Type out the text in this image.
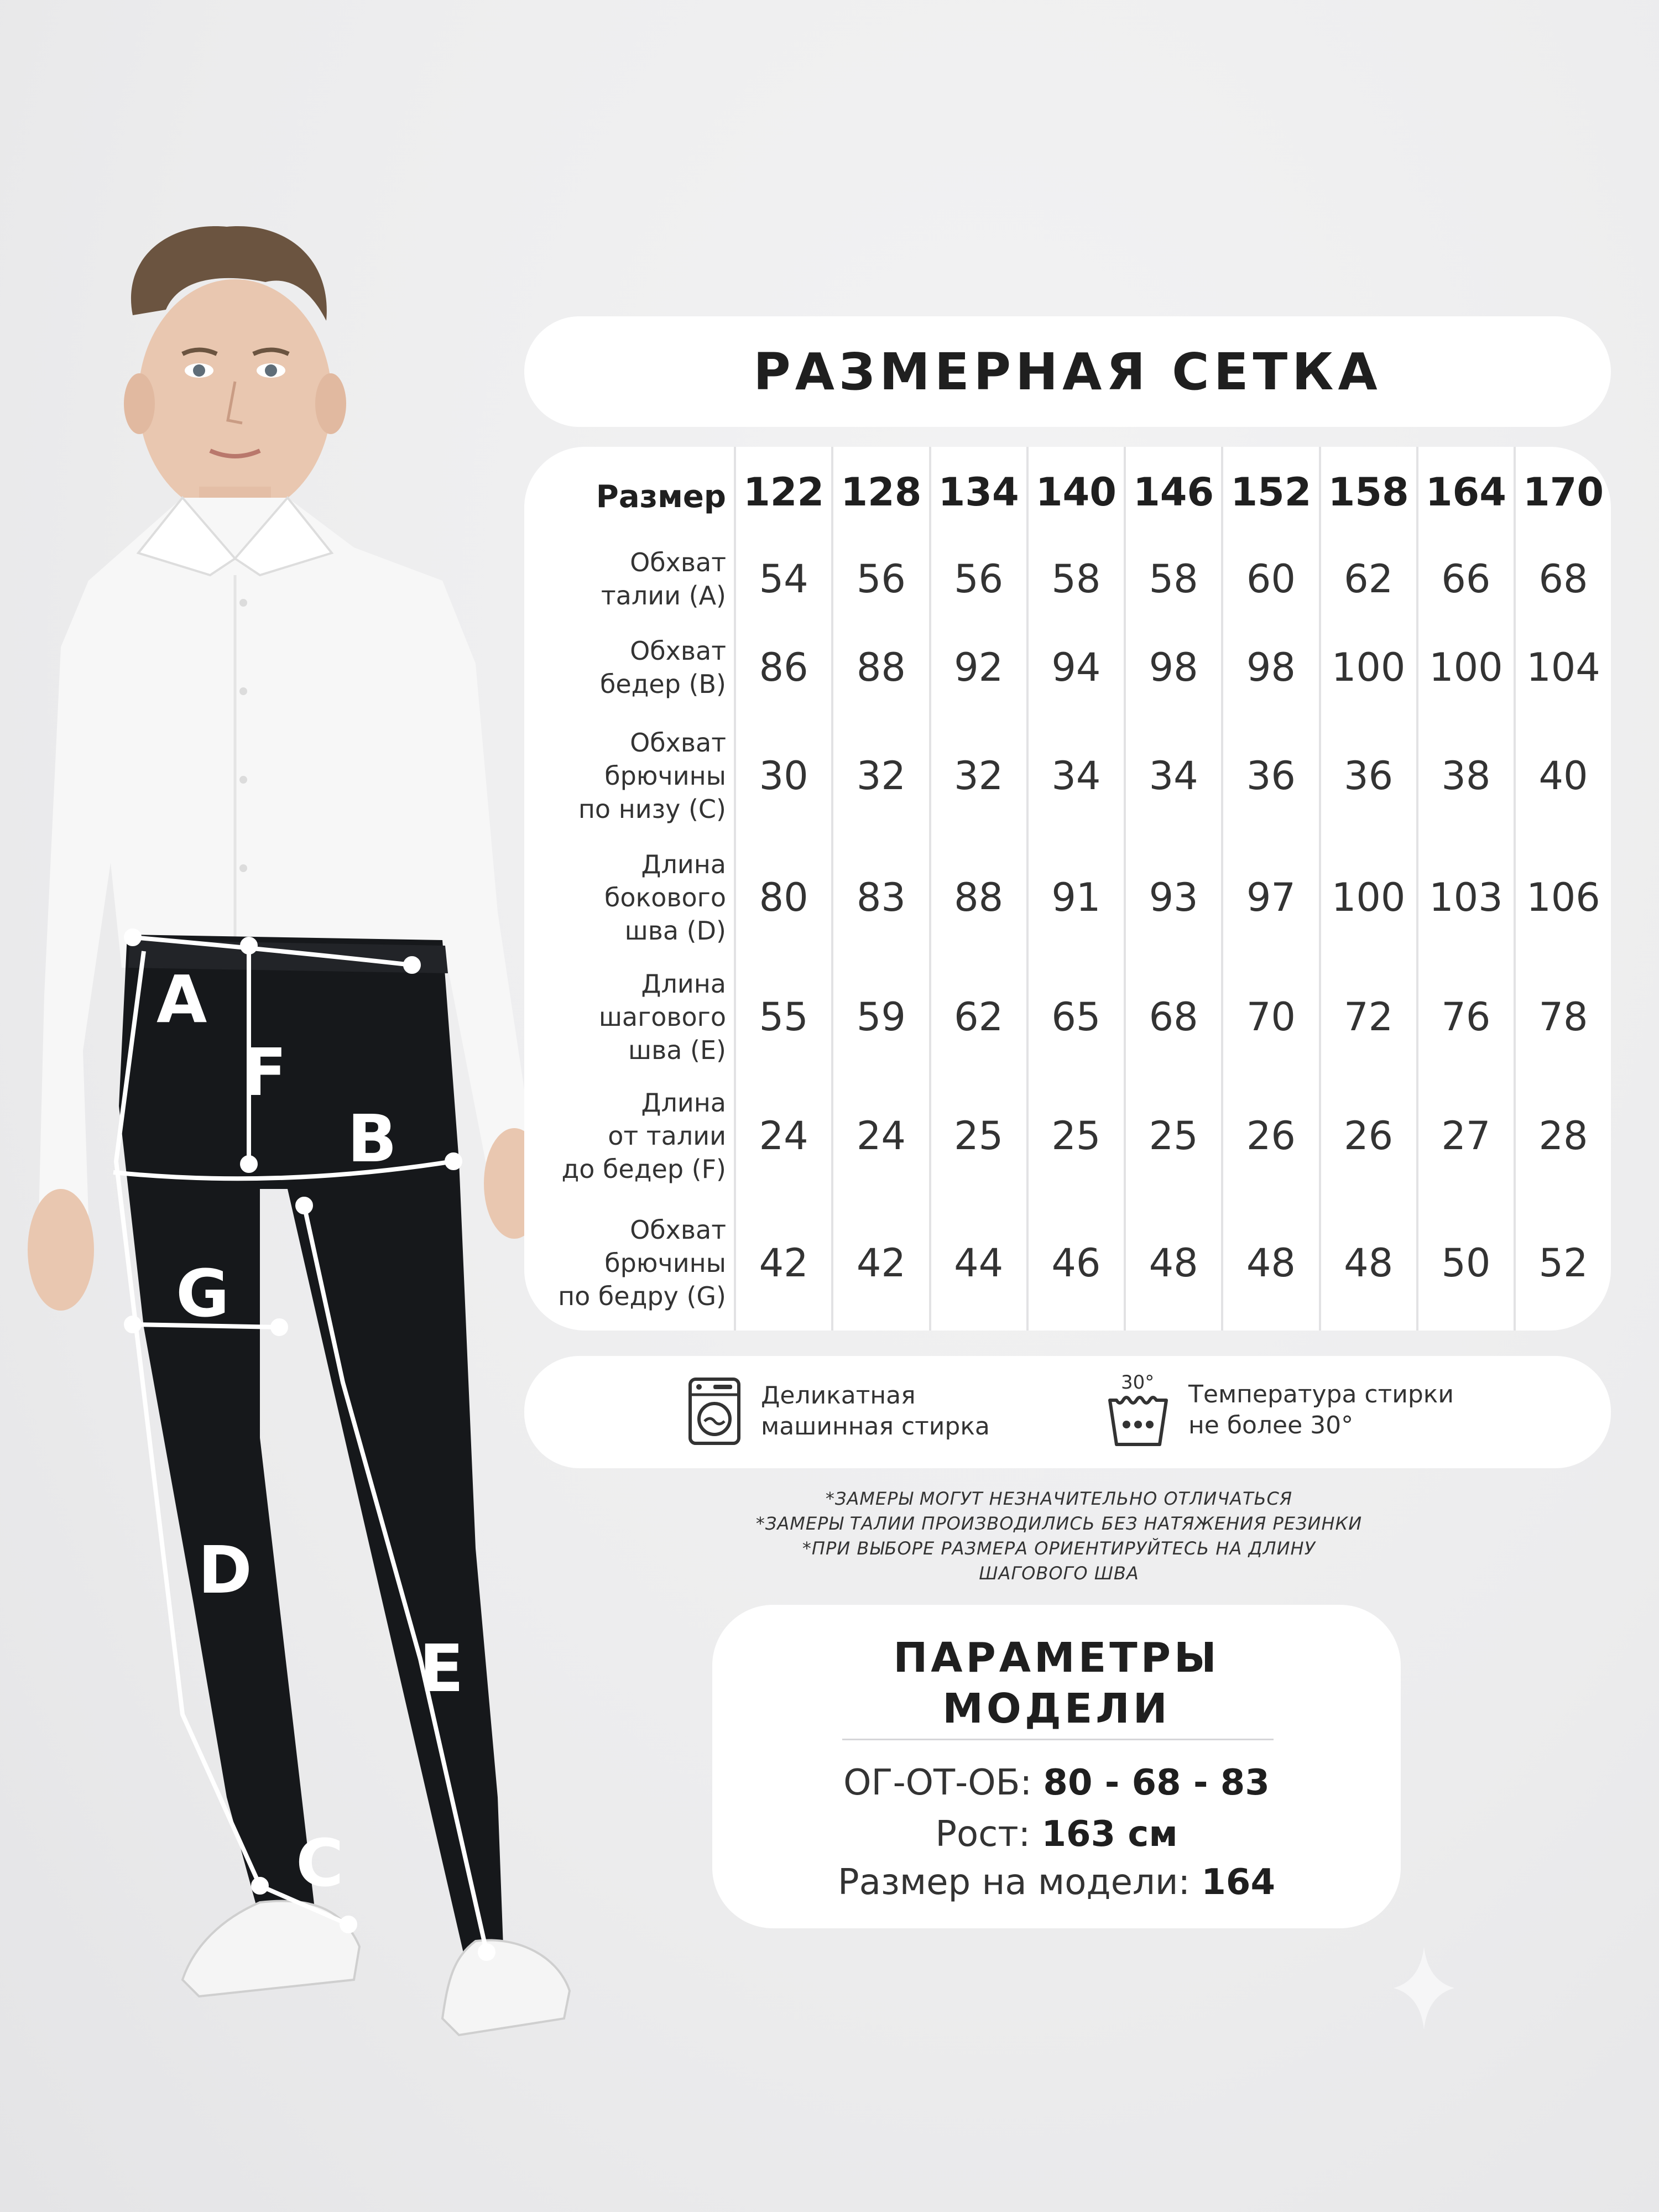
A
F
B
G
D
E
C
РАЗМЕРНАЯ СЕТКА
Размер	122	128	134	140	146	152	158	164	170

Обхват
талии (A)	54	56	56	58	58	60	62	66	68

Обхват
бедер (B)	86	88	92	94	98	98	100	100	104

Обхват
брючины
по низу (C)	30	32	32	34	34	36	36	38	40

Длина
бокового
шва (D)	80	83	88	91	93	97	100	103	106

Длина
шагового
шва (E)	55	59	62	65	68	70	72	76	78

Длина
от талии
до бедер (F)	24	24	25	25	25	26	26	27	28

Обхват
брючины
по бедру (G)	42	42	44	46	48	48	48	50	52
Деликатная
машинная стирка
30° Температура стирки
не более 30°
*ЗАМЕРЫ МОГУТ НЕЗНАЧИТЕЛЬНО ОТЛИЧАТЬСЯ
*ЗАМЕРЫ ТАЛИИ ПРОИЗВОДИЛИСЬ БЕЗ НАТЯЖЕНИЯ РЕЗИНКИ
*ПРИ ВЫБОРЕ РАЗМЕРА ОРИЕНТИРУЙТЕСЬ НА ДЛИНУ
ШАГОВОГО ШВА
ПАРАМЕТРЫ
МОДЕЛИ
ОГ-ОТ-ОБ: 80 - 68 - 83
Рост: 163 см
Размер на модели: 164
